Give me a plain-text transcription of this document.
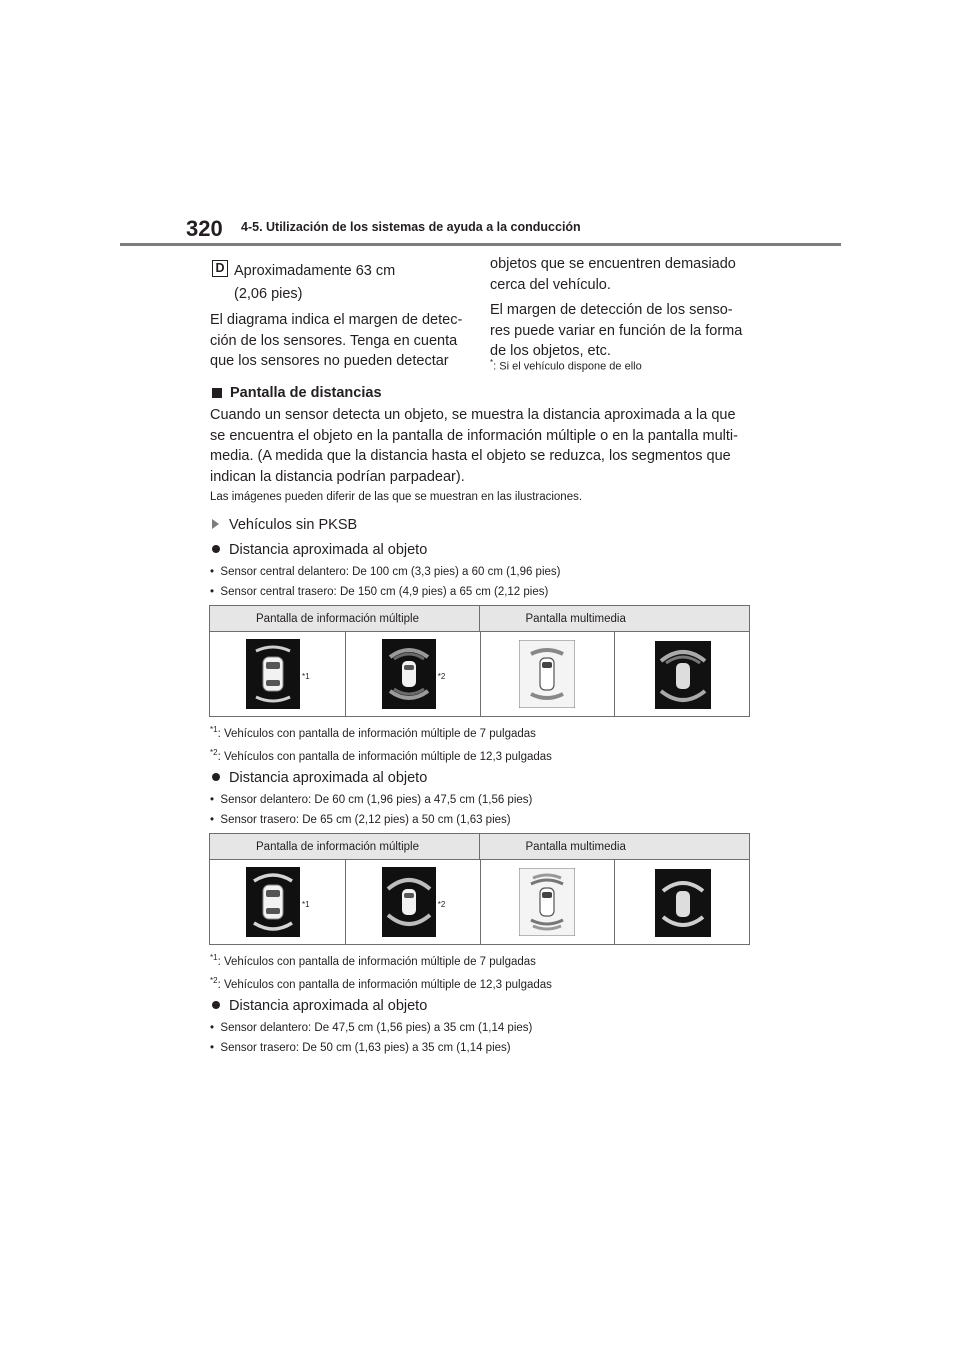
320 4-5. Utilización de los sistemas de ayuda a la conducción
D Aproximadamente 63 cm
(2,06 pies)
El diagrama indica el margen de detec-
ción de los sensores. Tenga en cuenta
que los sensores no pueden detectar
objetos que se encuentren demasiado
cerca del vehículo.
El margen de detección de los senso-
res puede variar en función de la forma
de los objetos, etc.
*: Si el vehículo dispone de ello
Pantalla de distancias
Cuando un sensor detecta un objeto, se muestra la distancia aproximada a la que
se encuentra el objeto en la pantalla de información múltiple o en la pantalla multi-
media. (A medida que la distancia hasta el objeto se reduzca, los segmentos que
indican la distancia podrían parpadear).
Las imágenes pueden diferir de las que se muestran en las ilustraciones.
Vehículos sin PKSB
Distancia aproximada al objeto
•  Sensor central delantero: De 100 cm (3,3 pies) a 60 cm (1,96 pies)
•  Sensor central trasero: De 150 cm (4,9 pies) a 65 cm (2,12 pies)
Pantalla de información múltiple	Pantalla multimedia
*1	*2
$^{*1}$: Vehículos con pantalla de información múltiple de 7 pulgadas
$^{*2}$: Vehículos con pantalla de información múltiple de 12,3 pulgadas
Distancia aproximada al objeto
•  Sensor delantero: De 60 cm (1,96 pies) a 47,5 cm (1,56 pies)
•  Sensor trasero: De 65 cm (2,12 pies) a 50 cm (1,63 pies)
Pantalla de información múltiple	Pantalla multimedia
*1	*2
$^{*1}$: Vehículos con pantalla de información múltiple de 7 pulgadas
$^{*2}$: Vehículos con pantalla de información múltiple de 12,3 pulgadas
Distancia aproximada al objeto
•  Sensor delantero: De 47,5 cm (1,56 pies) a 35 cm (1,14 pies)
•  Sensor trasero: De 50 cm (1,63 pies) a 35 cm (1,14 pies)
